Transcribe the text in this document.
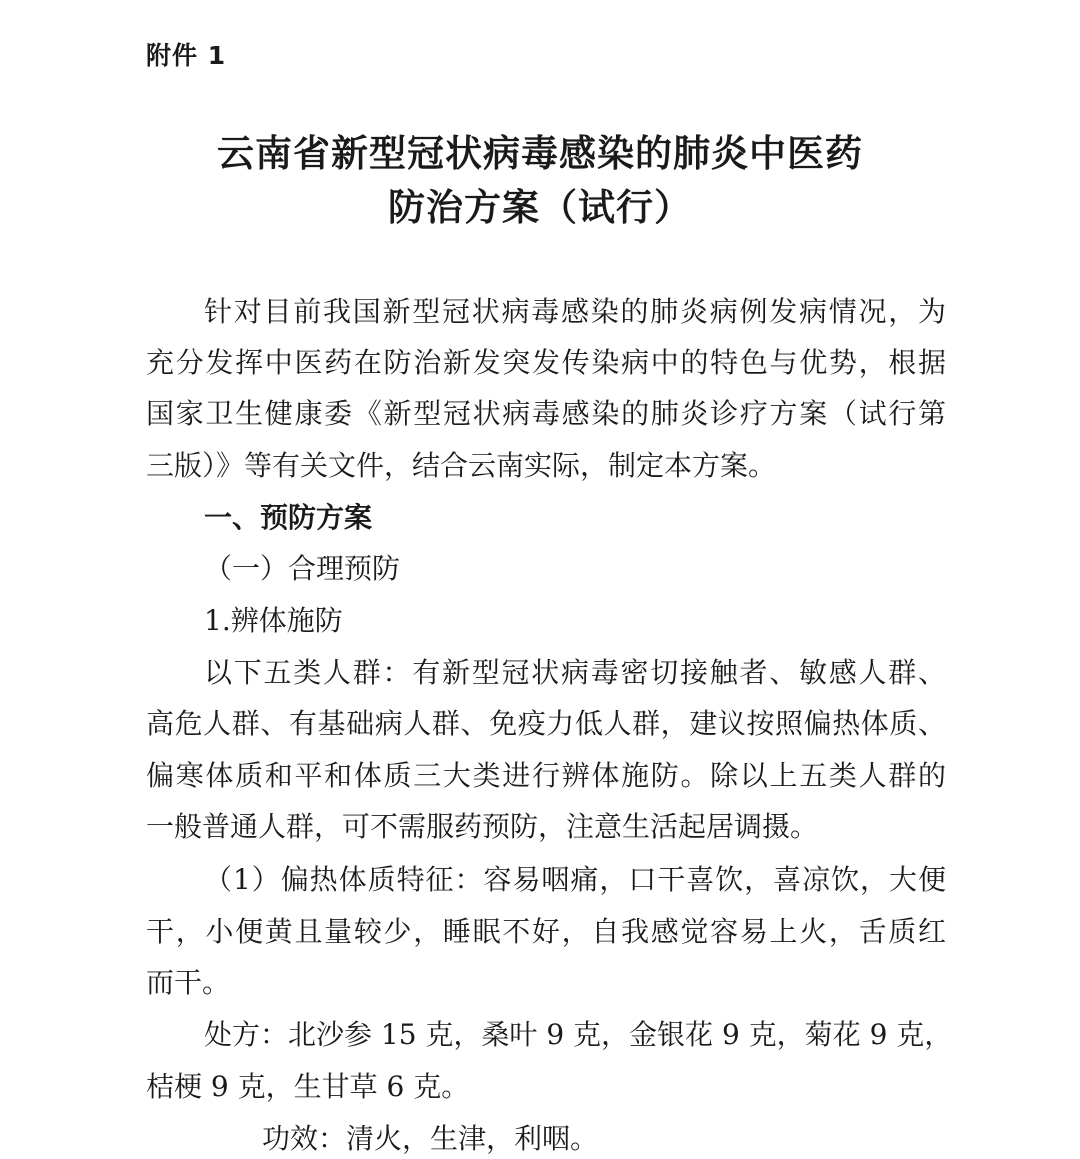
附件 1
云南省新型冠状病毒感染的肺炎中医药
防治方案（试行）
针对目前我国新型冠状病毒感染的肺炎病例发病情况，为
充分发挥中医药在防治新发突发传染病中的特色与优势，根据
国家卫生健康委《新型冠状病毒感染的肺炎诊疗方案（试行第
三版）》等有关文件，结合云南实际，制定本方案。
一、预防方案
（一）合理预防
1.辨体施防
以下五类人群：有新型冠状病毒密切接触者、敏感人群、
高危人群、有基础病人群、免疫力低人群，建议按照偏热体质、
偏寒体质和平和体质三大类进行辨体施防。除以上五类人群的
一般普通人群，可不需服药预防，注意生活起居调摄。
（1）偏热体质特征：容易咽痛，口干喜饮，喜凉饮，大便
干，小便黄且量较少，睡眠不好，自我感觉容易上火，舌质红
而干。
处方：北沙参 15 克，桑叶 9 克，金银花 9 克，菊花 9 克，
桔梗 9 克，生甘草 6 克。
功效：清火，生津，利咽。
